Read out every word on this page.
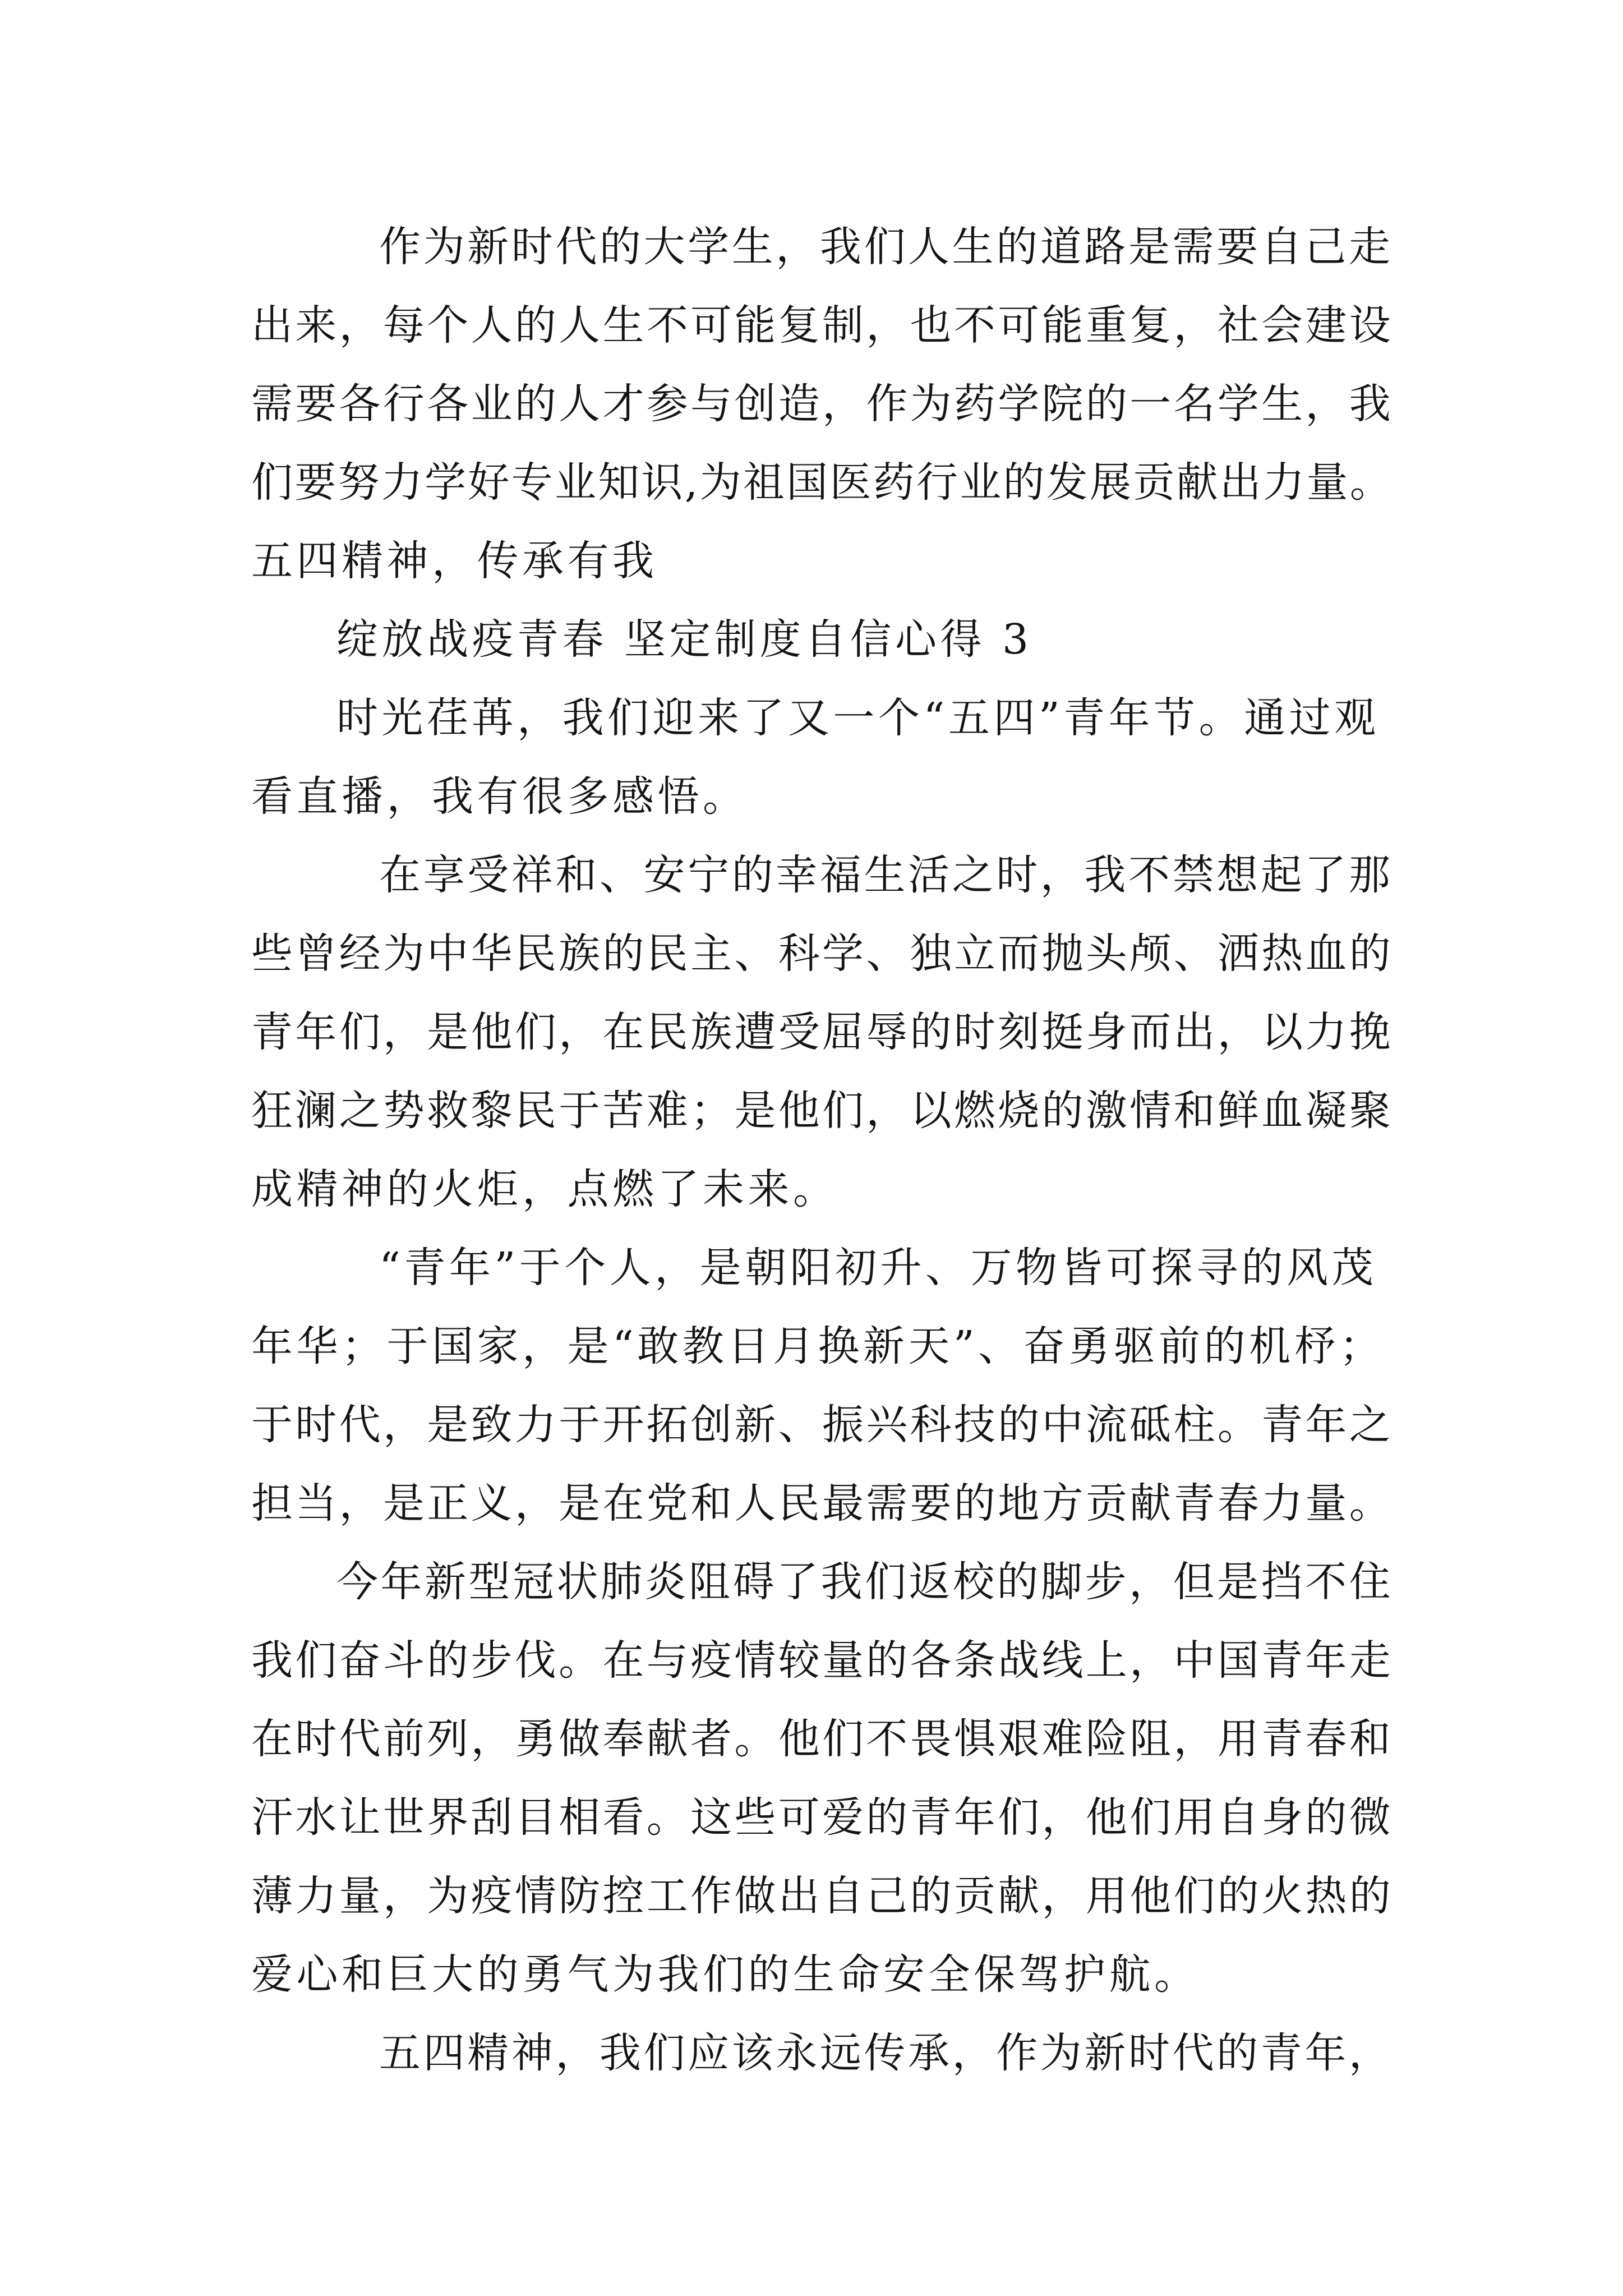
作为新时代的大学生，我们人生的道路是需要自己走
出来，每个人的人生不可能复制，也不可能重复，社会建设
需要各行各业的人才参与创造，作为药学院的一名学生，我
们要努力学好专业知识,为祖国医药行业的发展贡献出力量。
五四精神，传承有我
绽放战疫青春 坚定制度自信心得 3
时光荏苒，我们迎来了又一个“五四”青年节。通过观
看直播，我有很多感悟。
在享受祥和、安宁的幸福生活之时，我不禁想起了那
些曾经为中华民族的民主、科学、独立而抛头颅、洒热血的
青年们，是他们，在民族遭受屈辱的时刻挺身而出，以力挽
狂澜之势救黎民于苦难；是他们，以燃烧的激情和鲜血凝聚
成精神的火炬，点燃了未来。
“青年”于个人，是朝阳初升、万物皆可探寻的风茂
年华；于国家，是“敢教日月换新天”、奋勇驱前的机杼；
于时代，是致力于开拓创新、振兴科技的中流砥柱。青年之
担当，是正义，是在党和人民最需要的地方贡献青春力量。
今年新型冠状肺炎阻碍了我们返校的脚步，但是挡不住
我们奋斗的步伐。在与疫情较量的各条战线上，中国青年走
在时代前列，勇做奉献者。他们不畏惧艰难险阻，用青春和
汗水让世界刮目相看。这些可爱的青年们，他们用自身的微
薄力量，为疫情防控工作做出自己的贡献，用他们的火热的
爱心和巨大的勇气为我们的生命安全保驾护航。
五四精神，我们应该永远传承，作为新时代的青年，
